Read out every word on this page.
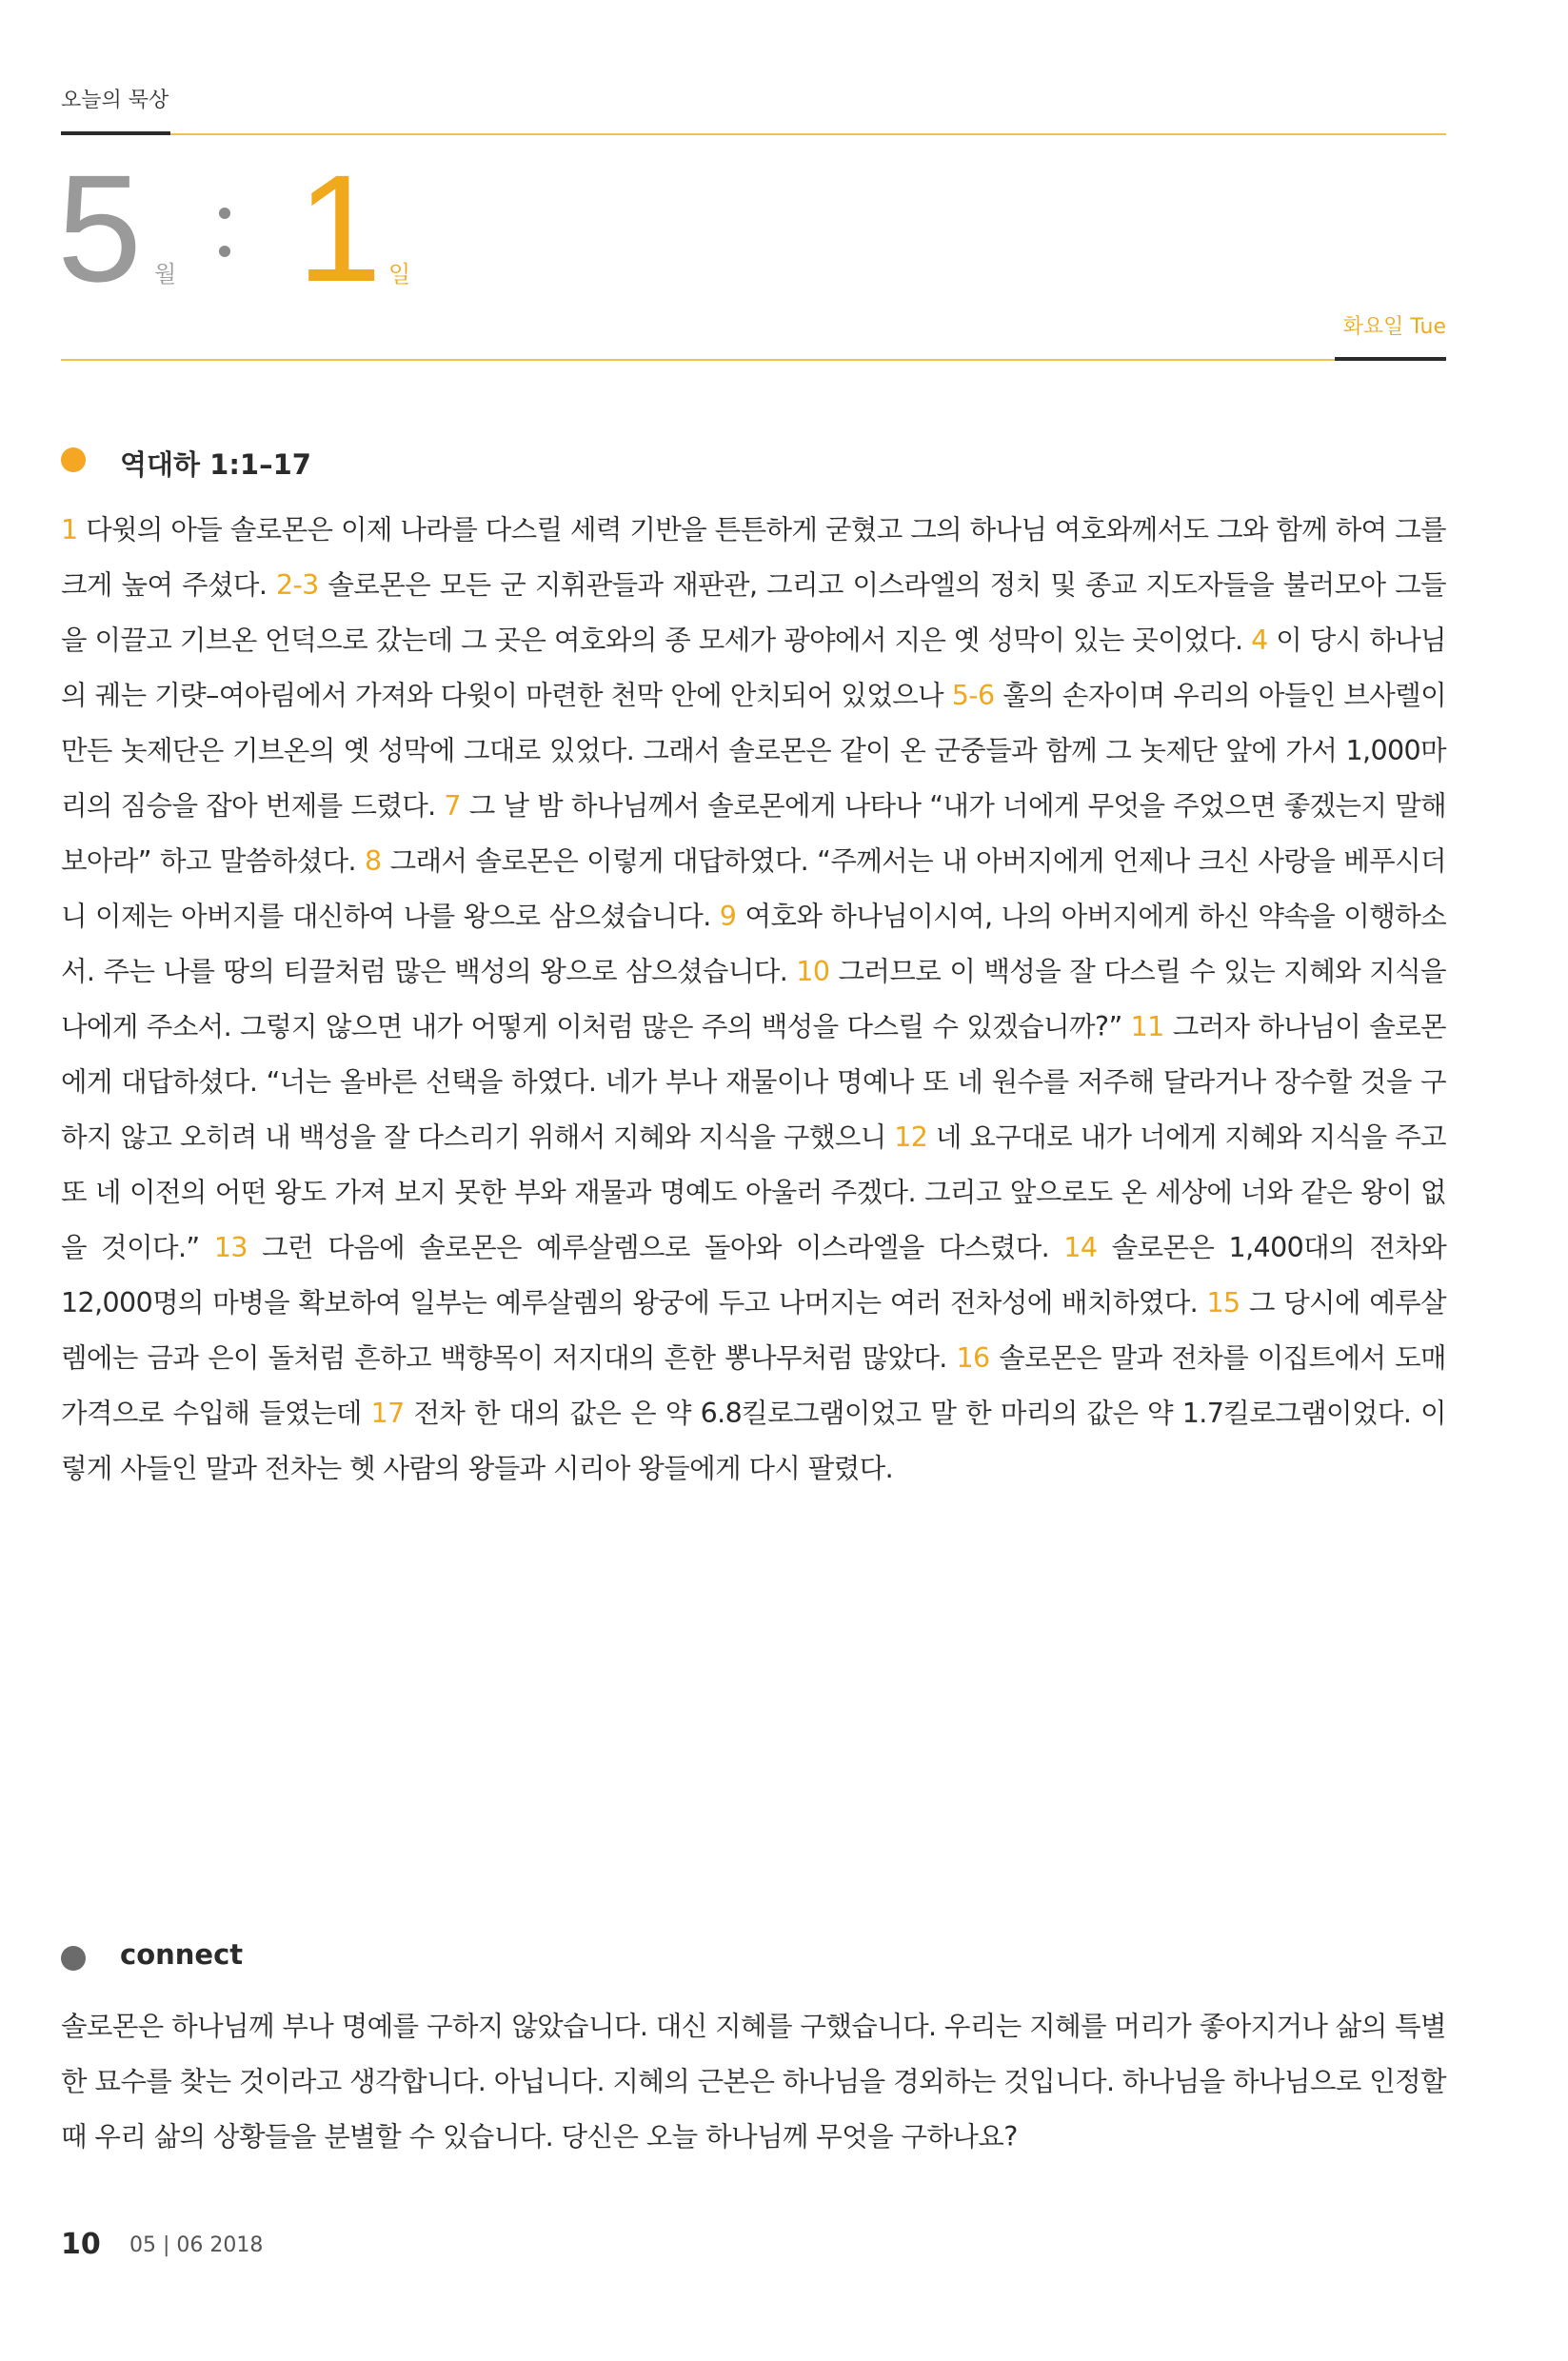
오늘의 묵상
5 월 1 일
화요일 Tue
역대하 1:1–17
1 다윗의 아들 솔로몬은 이제 나라를 다스릴 세력 기반을 튼튼하게 굳혔고 그의 하나님 여호와께서도 그와 함께 하여 그를 크게 높여 주셨다. 2-3 솔로몬은 모든 군 지휘관들과 재판관, 그리고 이스라엘의 정치 및 종교 지도자들을 불러모아 그들을 이끌고 기브온 언덕으로 갔는데 그 곳은 여호와의 종 모세가 광야에서 지은 옛 성막이 있는 곳이었다. 4 이 당시 하나님의 궤는 기럇–여아림에서 가져와 다윗이 마련한 천막 안에 안치되어 있었으나 5-6 훌의 손자이며 우리의 아들인 브사렐이 만든 놋제단은 기브온의 옛 성막에 그대로 있었다. 그래서 솔로몬은 같이 온 군중들과 함께 그 놋제단 앞에 가서 1,000마리의 짐승을 잡아 번제를 드렸다. 7 그 날 밤 하나님께서 솔로몬에게 나타나 “내가 너에게 무엇을 주었으면 좋겠는지 말해 보아라” 하고 말씀하셨다. 8 그래서 솔로몬은 이렇게 대답하였다. “주께서는 내 아버지에게 언제나 크신 사랑을 베푸시더니 이제는 아버지를 대신하여 나를 왕으로 삼으셨습니다. 9 여호와 하나님이시여, 나의 아버지에게 하신 약속을 이행하소서. 주는 나를 땅의 티끌처럼 많은 백성의 왕으로 삼으셨습니다. 10 그러므로 이 백성을 잘 다스릴 수 있는 지혜와 지식을 나에게 주소서. 그렇지 않으면 내가 어떻게 이처럼 많은 주의 백성을 다스릴 수 있겠습니까?” 11 그러자 하나님이 솔로몬에게 대답하셨다. “너는 올바른 선택을 하였다. 네가 부나 재물이나 명예나 또 네 원수를 저주해 달라거나 장수할 것을 구하지 않고 오히려 내 백성을 잘 다스리기 위해서 지혜와 지식을 구했으니 12 네 요구대로 내가 너에게 지혜와 지식을 주고 또 네 이전의 어떤 왕도 가져 보지 못한 부와 재물과 명예도 아울러 주겠다. 그리고 앞으로도 온 세상에 너와 같은 왕이 없을 것이다.” 13 그런 다음에 솔로몬은 예루살렘으로 돌아와 이스라엘을 다스렸다. 14 솔로몬은 1,400대의 전차와 12,000명의 마병을 확보하여 일부는 예루살렘의 왕궁에 두고 나머지는 여러 전차성에 배치하였다. 15 그 당시에 예루살렘에는 금과 은이 돌처럼 흔하고 백향목이 저지대의 흔한 뽕나무처럼 많았다. 16 솔로몬은 말과 전차를 이집트에서 도매 가격으로 수입해 들였는데 17 전차 한 대의 값은 은 약 6.8킬로그램이었고 말 한 마리의 값은 약 1.7킬로그램이었다. 이렇게 사들인 말과 전차는 헷 사람의 왕들과 시리아 왕들에게 다시 팔렸다.
connect
솔로몬은 하나님께 부나 명예를 구하지 않았습니다. 대신 지혜를 구했습니다. 우리는 지혜를 머리가 좋아지거나 삶의 특별한 묘수를 찾는 것이라고 생각합니다. 아닙니다. 지혜의 근본은 하나님을 경외하는 것입니다. 하나님을 하나님으로 인정할 때 우리 삶의 상황들을 분별할 수 있습니다. 당신은 오늘 하나님께 무엇을 구하나요?
10 05 | 06 2018
